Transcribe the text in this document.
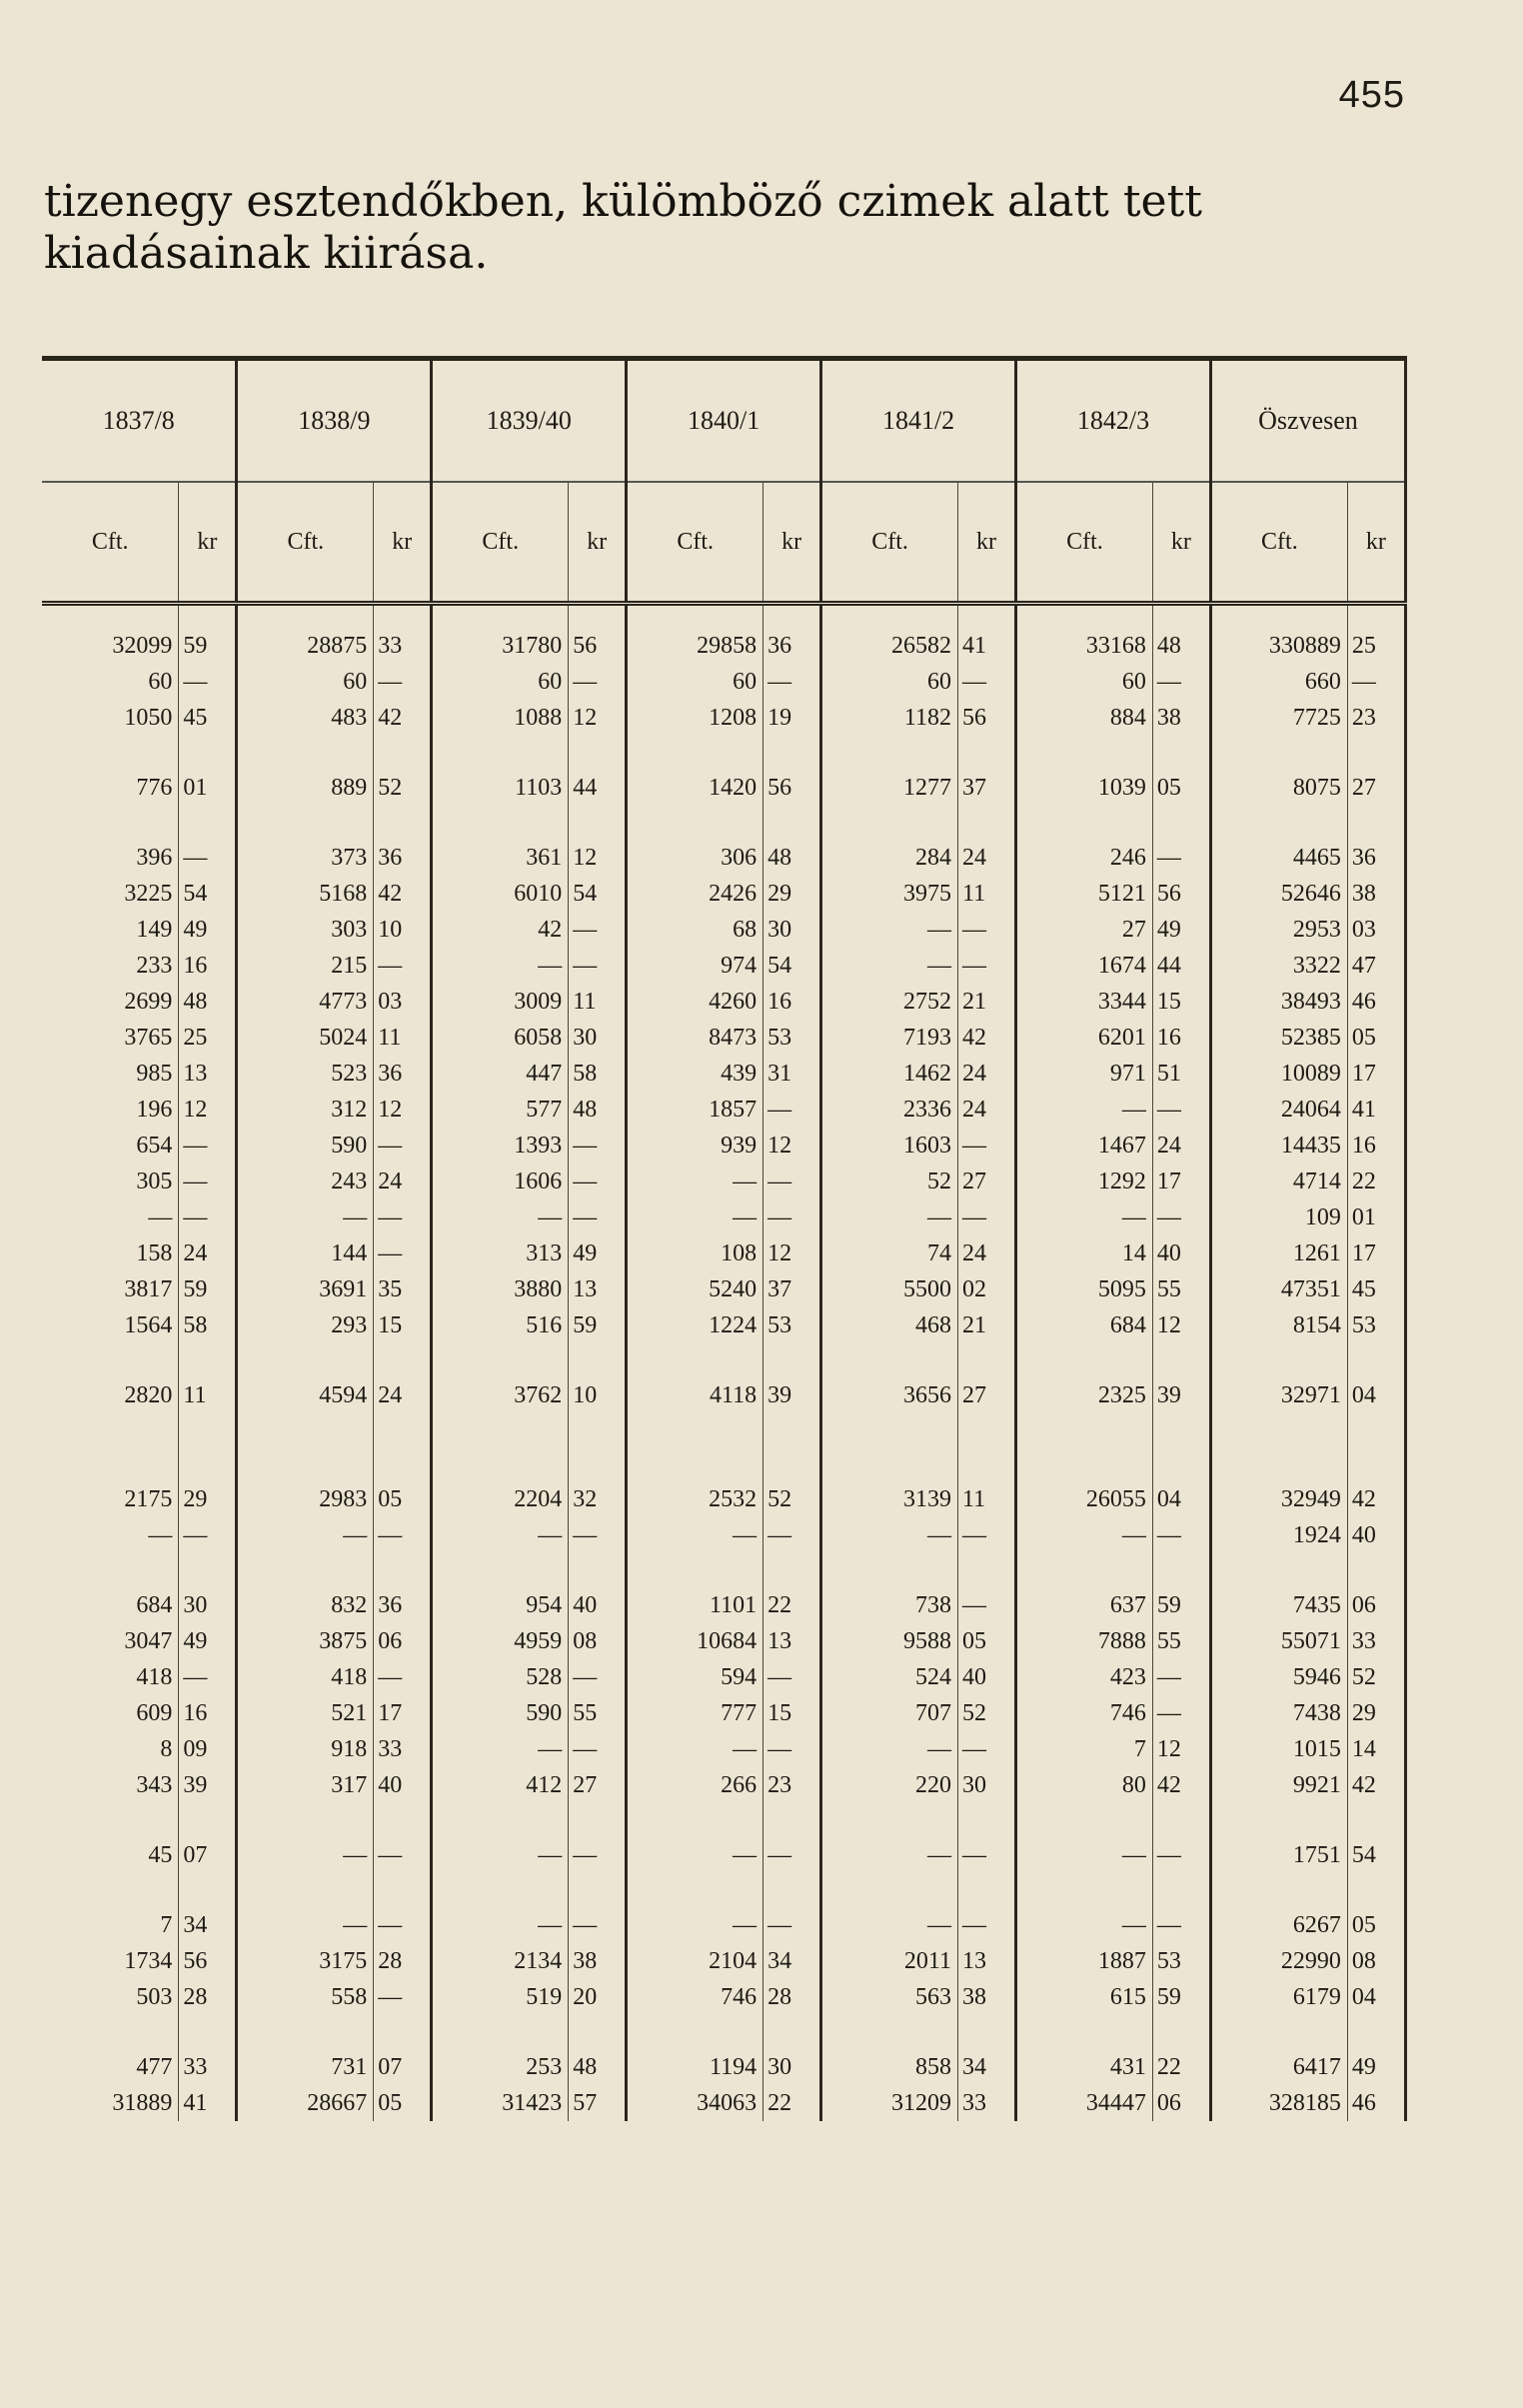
455
tizenegy esztendőkben, külömböző czimek alatt tett kiadásainak kiirása.
1837/8		1838/9		1839/40		1840/1		1841/2		1842/3		Öszvesen	
Cft.	kr	Cft.	kr	Cft.	kr	Cft.	kr	Cft.	kr	Cft.	kr	Cft.	kr

32099	59	28875	33	31780	56	29858	36	26582	41	33168	48	330889	25
60	—	60	—	60	—	60	—	60	—	60	—	660	—
1050	45	483	42	1088	12	1208	19	1182	56	884	38	7725	23

776	01	889	52	1103	44	1420	56	1277	37	1039	05	8075	27

396	—	373	36	361	12	306	48	284	24	246	—	4465	36
3225	54	5168	42	6010	54	2426	29	3975	11	5121	56	52646	38
149	49	303	10	42	—	68	30	—	—	27	49	2953	03
233	16	215	—	—	—	974	54	—	—	1674	44	3322	47
2699	48	4773	03	3009	11	4260	16	2752	21	3344	15	38493	46
3765	25	5024	11	6058	30	8473	53	7193	42	6201	16	52385	05
985	13	523	36	447	58	439	31	1462	24	971	51	10089	17
196	12	312	12	577	48	1857	—	2336	24	—	—	24064	41
654	—	590	—	1393	—	939	12	1603	—	1467	24	14435	16
305	—	243	24	1606	—	—	—	52	27	1292	17	4714	22
—	—	—	—	—	—	—	—	—	—	—	—	109	01
158	24	144	—	313	49	108	12	74	24	14	40	1261	17
3817	59	3691	35	3880	13	5240	37	5500	02	5095	55	47351	45
1564	58	293	15	516	59	1224	53	468	21	684	12	8154	53

2820	11	4594	24	3762	10	4118	39	3656	27	2325	39	32971	04

2175	29	2983	05	2204	32	2532	52	3139	11	26055	04	32949	42
—	—	—	—	—	—	—	—	—	—	—	—	1924	40

684	30	832	36	954	40	1101	22	738	—	637	59	7435	06
3047	49	3875	06	4959	08	10684	13	9588	05	7888	55	55071	33
418	—	418	—	528	—	594	—	524	40	423	—	5946	52
609	16	521	17	590	55	777	15	707	52	746	—	7438	29
8	09	918	33	—	—	—	—	—	—	7	12	1015	14
343	39	317	40	412	27	266	23	220	30	80	42	9921	42

45	07	—	—	—	—	—	—	—	—	—	—	1751	54

7	34	—	—	—	—	—	—	—	—	—	—	6267	05
1734	56	3175	28	2134	38	2104	34	2011	13	1887	53	22990	08
503	28	558	—	519	20	746	28	563	38	615	59	6179	04

477	33	731	07	253	48	1194	30	858	34	431	22	6417	49
31889	41	28667	05	31423	57	34063	22	31209	33	34447	06	328185	46
